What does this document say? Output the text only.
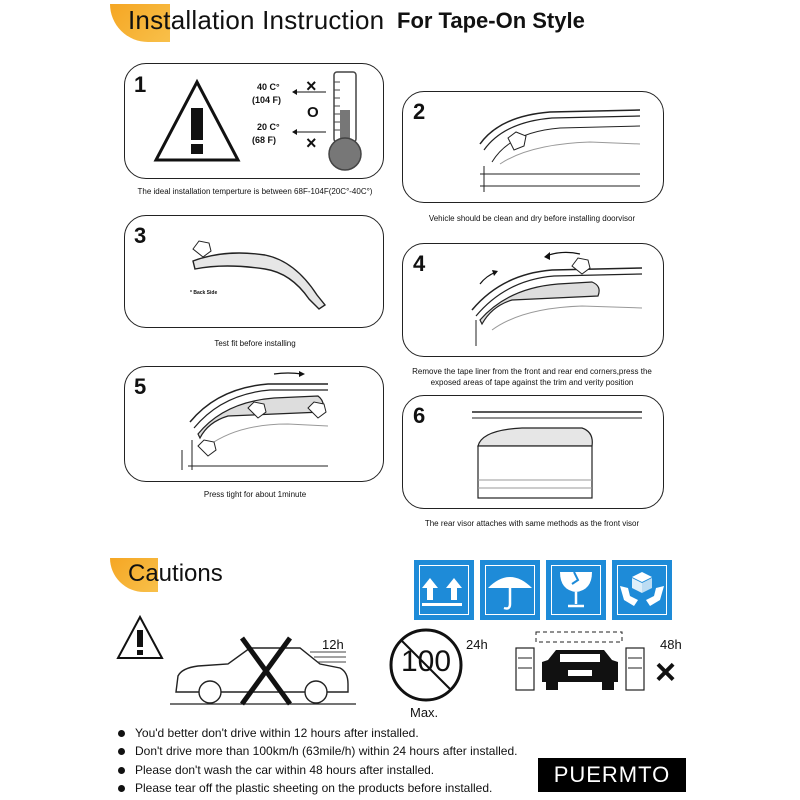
Installation Instruction For Tape-On Style
1	40 C°
(104 F)
20 C°
(68 F)
×
O
×
The ideal installation temperture is between 68F-104F(20C°-40C°)
2
Vehicle should be clean and dry before installing doorvisor
3
* Back Side
Test fit before installing
4
Remove the tape liner from the front and rear end corners,press the
exposed areas of tape against the trim and verity position
5
Press tight for about 1minute
6
The rear visor attaches with same methods as the front visor
Cautions
12h
100
Max.
24h	48h
×
You'd better don't drive within 12 hours after installed.
Don't drive more than 100km/h (63mile/h) within 24 hours after installed.
Please don't wash the car within 48 hours after installed.
Please tear off the plastic sheeting on the products before installed.
PUERMTO
